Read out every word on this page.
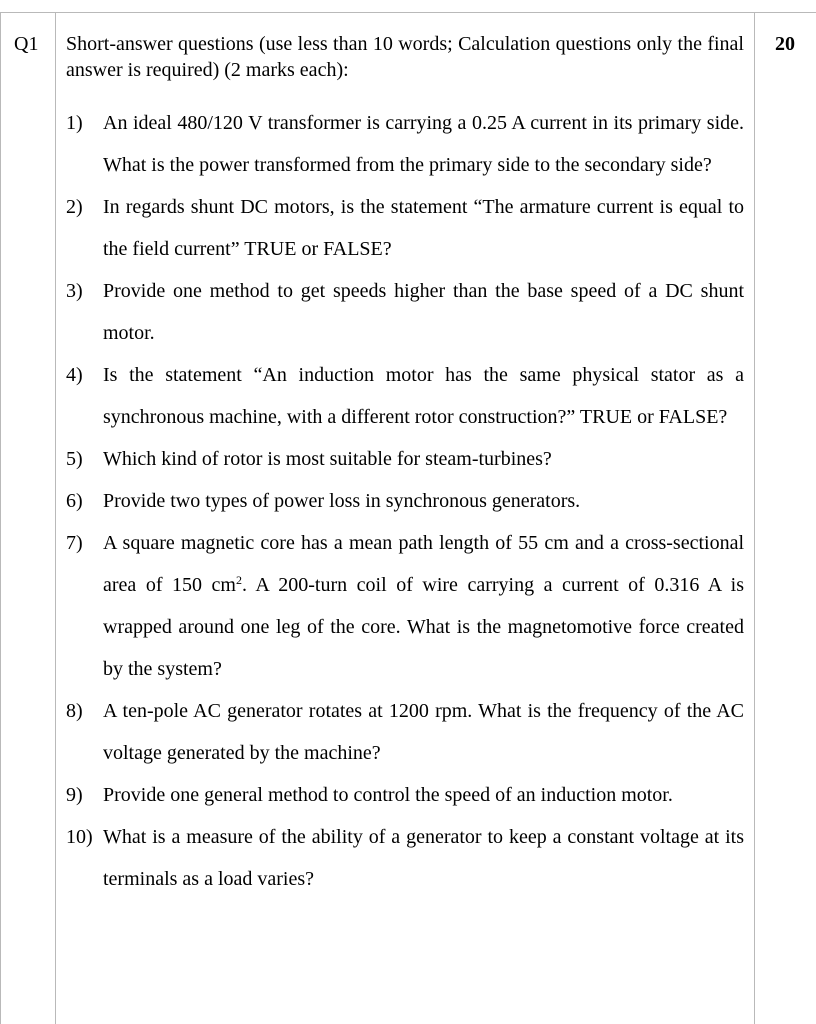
Q1	20

Short-answer questions (use less than 10 words; Calculation questions only the final answer is required) (2 marks each):

1)	An ideal 480/120 V transformer is carrying a 0.25 A current in its primary side. What is the power transformed from the primary side to the secondary side?
2)	In regards shunt DC motors, is the statement “The armature current is equal to the field current” TRUE or FALSE?
3)	Provide one method to get speeds higher than the base speed of a DC shunt motor.
4)	Is the statement “An induction motor has the same physical stator as a synchronous machine, with a different rotor construction?” TRUE or FALSE?
5)	Which kind of rotor is most suitable for steam-turbines?
6)	Provide two types of power loss in synchronous generators.
7)	A square magnetic core has a mean path length of 55 cm and a cross-sectional area of 150 $cm^2$. A 200-turn coil of wire carrying a current of 0.316 A is wrapped around one leg of the core. What is the magnetomotive force created by the system?
8)	A ten-pole AC generator rotates at 1200 rpm. What is the frequency of the AC voltage generated by the machine?
9)	Provide one general method to control the speed of an induction motor.
10) What is a measure of the ability of a generator to keep a constant voltage at its terminals as a load varies?
